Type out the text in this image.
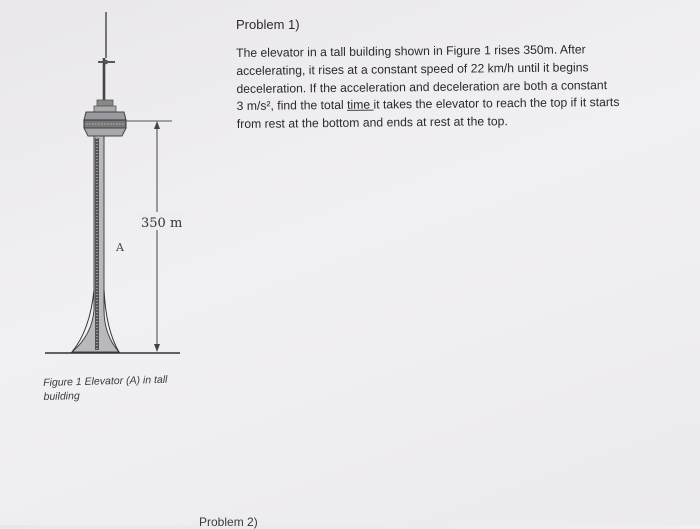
350 m
A
Figure 1 Elevator (A) in tall
building
Problem 1)
The elevator in a tall building shown in Figure 1 rises 350m. After
accelerating, it rises at a constant speed of 22 km/h until it begins
deceleration. If the acceleration and deceleration are both a constant
3 m/s², find the total time it takes the elevator to reach the top if it starts
from rest at the bottom and ends at rest at the top.
Problem 2)
